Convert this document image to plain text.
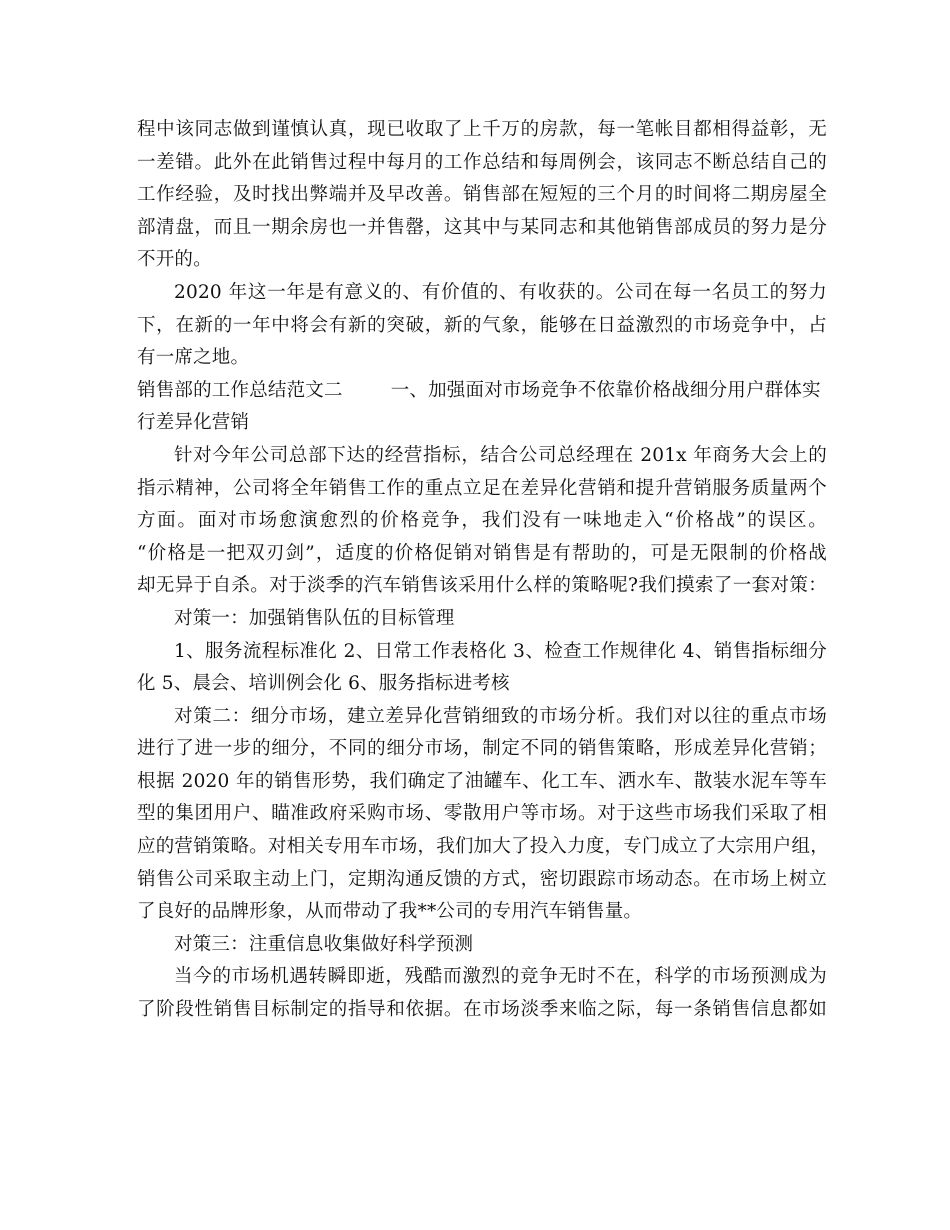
程中该同志做到谨慎认真，现已收取了上千万的房款，每一笔帐目都相得益彰，无
一差错。此外在此销售过程中每月的工作总结和每周例会，该同志不断总结自己的
工作经验，及时找出弊端并及早改善。销售部在短短的三个月的时间将二期房屋全
部清盘，而且一期余房也一并售罄，这其中与某同志和其他销售部成员的努力是分
不开的。
2020 年这一年是有意义的、有价值的、有收获的。公司在每一名员工的努力
下，在新的一年中将会有新的突破，新的气象，能够在日益激烈的市场竞争中，占
有一席之地。
销售部的工作总结范文二	一、加强面对市场竞争不依靠价格战细分用户群体实
行差异化营销
针对今年公司总部下达的经营指标，结合公司总经理在 201x 年商务大会上的
指示精神，公司将全年销售工作的重点立足在差异化营销和提升营销服务质量两个
方面。面对市场愈演愈烈的价格竞争，我们没有一味地走入“价格战”的误区。
“价格是一把双刃剑”，适度的价格促销对销售是有帮助的，可是无限制的价格战
却无异于自杀。对于淡季的汽车销售该采用什么样的策略呢?我们摸索了一套对策：
对策一：加强销售队伍的目标管理
1、服务流程标准化 2、日常工作表格化 3、检查工作规律化 4、销售指标细分
化 5、晨会、培训例会化 6、服务指标进考核
对策二：细分市场，建立差异化营销细致的市场分析。我们对以往的重点市场
进行了进一步的细分，不同的细分市场，制定不同的销售策略，形成差异化营销；
根据 2020 年的销售形势，我们确定了油罐车、化工车、洒水车、散装水泥车等车
型的集团用户、瞄准政府采购市场、零散用户等市场。对于这些市场我们采取了相
应的营销策略。对相关专用车市场，我们加大了投入力度，专门成立了大宗用户组，
销售公司采取主动上门，定期沟通反馈的方式，密切跟踪市场动态。在市场上树立
了良好的品牌形象，从而带动了我**公司的专用汽车销售量。
对策三：注重信息收集做好科学预测
当今的市场机遇转瞬即逝，残酷而激烈的竞争无时不在，科学的市场预测成为
了阶段性销售目标制定的指导和依据。在市场淡季来临之际，每一条销售信息都如
